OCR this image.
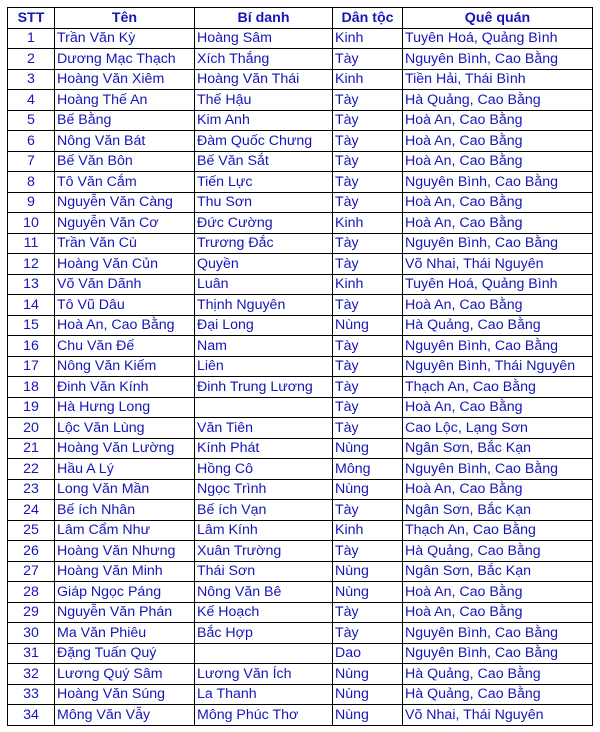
STT	Tên	Bí danh	Dân tộc	Quê quán
1	Trần Văn Kỳ	Hoàng Sâm	Kinh	Tuyên Hoá, Quảng Bình
2	Dương Mạc Thạch	Xích Thắng	Tày	Nguyên Bình, Cao Bằng
3	Hoàng Văn Xiêm	Hoàng Văn Thái	Kinh	Tiền Hải, Thái Bình
4	Hoàng Thế An	Thế Hậu	Tày	Hà Quảng, Cao Bằng
5	Bế Bằng	Kim Anh	Tày	Hoà An, Cao Bằng
6	Nông Văn Bát	Đàm Quốc Chưng	Tày	Hoà An, Cao Bằng
7	Bế Văn Bôn	Bế Văn Sắt	Tày	Hoà An, Cao Bằng
8	Tô Văn Cắm	Tiến Lực	Tày	Nguyên Bình, Cao Bằng
9	Nguyễn Văn Càng	Thu Sơn	Tày	Hoà An, Cao Bằng
10	Nguyễn Văn Cơ	Đức Cường	Kinh	Hoà An, Cao Bằng
11	Trần Văn Cù	Trương Đắc	Tày	Nguyên Bình, Cao Bằng
12	Hoàng Văn Củn	Quyền	Tày	Võ Nhai, Thái Nguyên
13	Võ Văn Dãnh	Luân	Kinh	Tuyên Hoá, Quảng Bình
14	Tô Vũ Dâu	Thịnh Nguyên	Tày	Hoà An, Cao Bằng
15	Hoà An, Cao Bằng	Đại Long	Nùng	Hà Quảng, Cao Bằng
16	Chu Văn Đế	Nam	Tày	Nguyên Bình, Cao Bằng
17	Nông Văn Kiếm	Liên	Tày	Nguyên Bình, Thái Nguyên
18	Đinh Văn Kính	Đinh Trung Lương	Tày	Thạch An, Cao Bằng
19	Hà Hưng Long		Tày	Hoà An, Cao Bằng
20	Lộc Văn Lùng	Văn Tiên	Tày	Cao Lộc, Lạng Sơn
21	Hoàng Văn Lường	Kính Phát	Nùng	Ngân Sơn, Bắc Kạn
22	Hầu A Lý	Hồng Cô	Mông	Nguyên Bình, Cao Bằng
23	Long Văn Mần	Ngọc Trình	Nùng	Hoà An, Cao Bằng
24	Bế ích Nhân	Bế ích Vạn	Tày	Ngân Sơn, Bắc Kạn
25	Lâm Cẩm Như	Lâm Kính	Kinh	Thạch An, Cao Bằng
26	Hoàng Văn Nhưng	Xuân Trường	Tày	Hà Quảng, Cao Bằng
27	Hoàng Văn Minh	Thái Sơn	Nùng	Ngân Sơn, Bắc Kạn
28	Giáp Ngọc Páng	Nông Văn Bê	Nùng	Hoà An, Cao Bằng
29	Nguyễn Văn Phán	Kế Hoạch	Tày	Hoà An, Cao Bằng
30	Ma Văn Phiêu	Bắc Hợp	Tày	Nguyên Bình, Cao Bằng
31	Đặng Tuấn Quý		Dao	Nguyên Bình, Cao Bằng
32	Lương Quý Sâm	Lương Văn Ích	Nùng	Hà Quảng, Cao Bằng
33	Hoàng Văn Súng	La Thanh	Nùng	Hà Quảng, Cao Bằng
34	Mông Văn Vẫy	Mông Phúc Thơ	Nùng	Võ Nhai, Thái Nguyên
